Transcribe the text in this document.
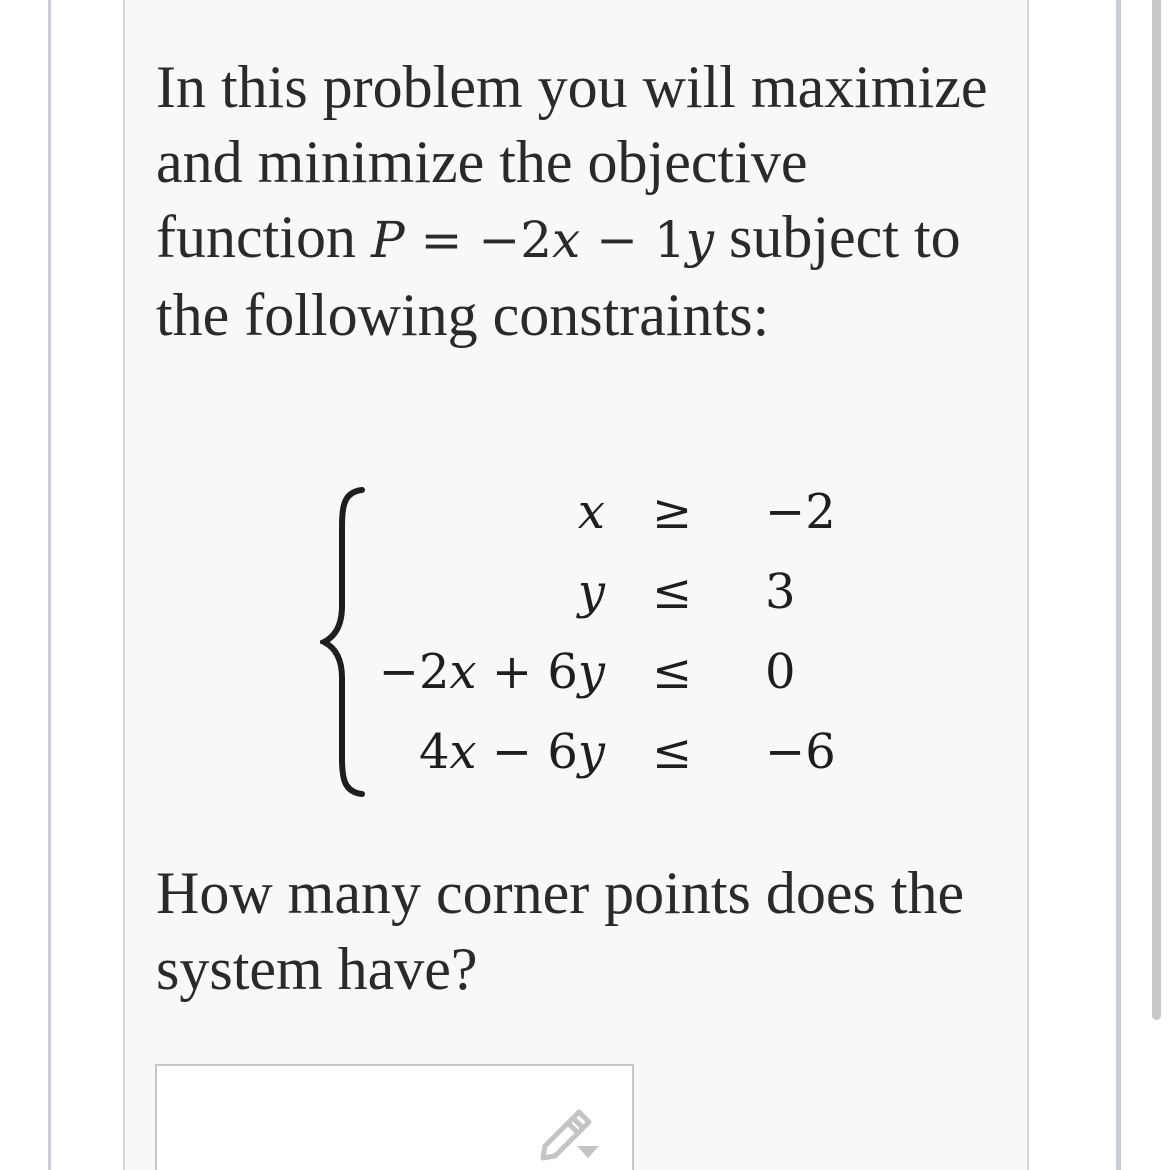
In this problem you will maximize and minimize the objective function P = −2x − 1y subject to the following constraints:

x ≥ −2
y ≤ 3
−2x + 6y ≤ 0
4x − 6y ≤ −6

How many corner points does the system have?
